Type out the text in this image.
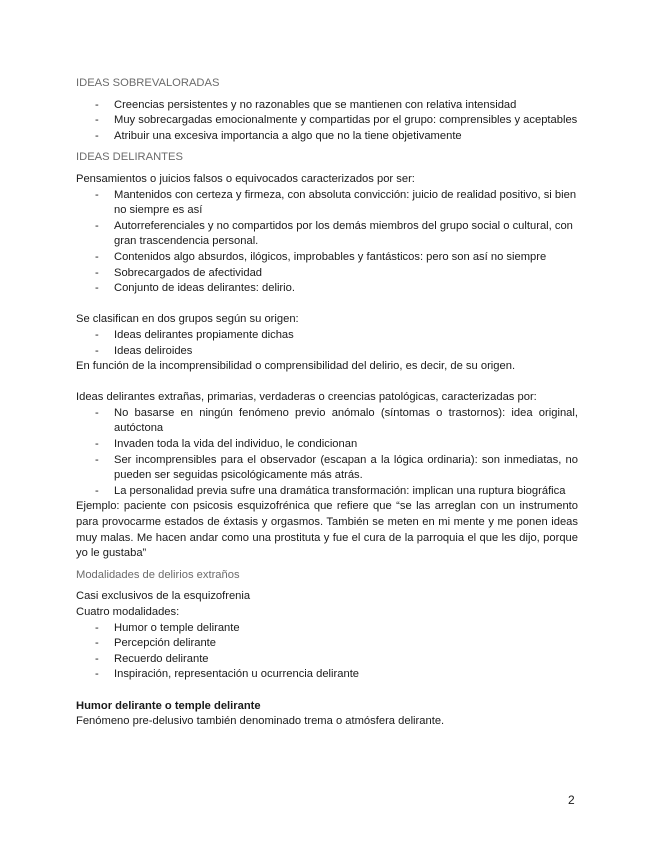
IDEAS SOBREVALORADAS
- Creencias persistentes y no razonables que se mantienen con relativa intensidad
- Muy sobrecargadas emocionalmente y compartidas por el grupo: comprensibles y aceptables
- Atribuir una excesiva importancia a algo que no la tiene objetivamente
IDEAS DELIRANTES
Pensamientos o juicios falsos o equivocados caracterizados por ser:
- Mantenidos con certeza y firmeza, con absoluta convicción: juicio de realidad positivo, si bien no siempre es así
- Autorreferenciales y no compartidos por los demás miembros del grupo social o cultural, con gran trascendencia personal.
- Contenidos algo absurdos, ilógicos, improbables y fantásticos: pero son así no siempre
- Sobrecargados de afectividad
- Conjunto de ideas delirantes: delirio.
Se clasifican en dos grupos según su origen:
- Ideas delirantes propiamente dichas
- Ideas deliroides
En función de la incomprensibilidad o comprensibilidad del delirio, es decir, de su origen.
Ideas delirantes extrañas, primarias, verdaderas o creencias patológicas, caracterizadas por:
- No basarse en ningún fenómeno previo anómalo (síntomas o trastornos): idea original, autóctona
- Invaden toda la vida del individuo, le condicionan
- Ser incomprensibles para el observador (escapan a la lógica ordinaria): son inmediatas, no pueden ser seguidas psicológicamente más atrás.
- La personalidad previa sufre una dramática transformación: implican una ruptura biográfica
Ejemplo: paciente con psicosis esquizofrénica que refiere que “se las arreglan con un instrumento para provocarme estados de éxtasis y orgasmos. También se meten en mi mente y me ponen ideas muy malas. Me hacen andar como una prostituta y fue el cura de la parroquia el que les dijo, porque yo le gustaba”
Modalidades de delirios extraños
Casi exclusivos de la esquizofrenia
Cuatro modalidades:
- Humor o temple delirante
- Percepción delirante
- Recuerdo delirante
- Inspiración, representación u ocurrencia delirante
Humor delirante o temple delirante
Fenómeno pre-delusivo también denominado trema o atmósfera delirante.
2
